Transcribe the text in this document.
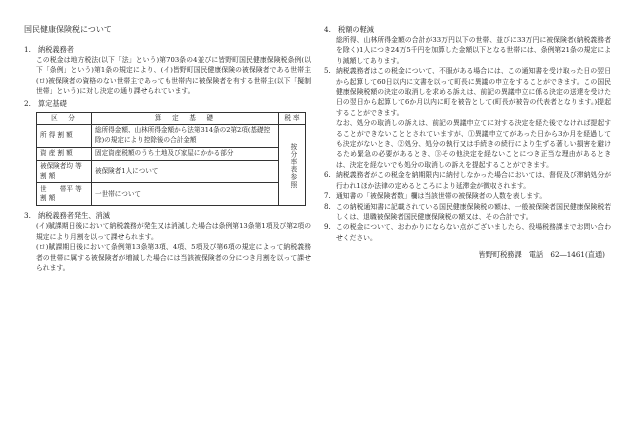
国民健康保険税について
1.　納税義務者
この税金は地方税法(以下「法」という)第703条の4並びに皆野町国民健康保険税条例(以下「条例」という)第1条の規定により、(イ)皆野町国民健康保険の被保険者である世帯主(ロ)被保険者の資格のない世帯主であっても世帯内に被保険者を有する世帯主(以下「擬制世帯」という)に対し決定の通り課せられています。
2.　算定基礎
区　分	算　定　基　礎	税 率
所 得 割 額	総所得金額、山林所得金額から法第314条の2第2項(基礎控除)の規定により控除後の合計金額	按分率表参照

資 産 割 額	固定資産税額のうち土地及び家屋にかかる部分	
被保険者均 等 割 額	被保険者1人について	
世　　帯平 等 割 額	一世帯について	
3.　納税義務者発生、消滅
(イ)賦課期日後において納税義務が発生又は消滅した場合は条例第13条第1項及び第2項の規定により月割を以って課せられます。
(ロ)賦課期日後において条例第13条第3項、4項、5項及び第6項の規定によって納税義務者の世帯に属する被保険者が増減した場合には当該被保険者の分につき月割を以って課せられます。
4.　税額の軽減
総所得、山林所得金額の合計が33万円以下の世帯、並びに33万円に被保険者(納税義務者を除く)1人につき24万5千円を加算した金額以下となる世帯には、条例第21条の規定により減額してあります。
5. 納税義務者はこの税金について、不服がある場合には、この通知書を受け取った日の翌日から起算して60日以内に文書を以って町長に異議の申立をすることができます。この国民健康保険税額の決定の取消しを求める訴えは、前記の異議申立に係る決定の送達を受けた日の翌日から起算して6か月以内に町を被告として(町長が被告の代表者となります。)提起することができます。
なお、処分の取消しの訴えは、前記の異議申立てに対する決定を経た後でなければ提起することができないこととされていますが、①異議申立てがあった日から3か月を経過しても決定がないとき、②処分、処分の執行又は手続きの続行により生ずる著しい損害を避けるため緊急の必要があるとき、③その他決定を経ないことにつき正当な理由があるときは、決定を経ないでも処分の取消しの訴えを提起することができます。
6. 納税義務者がこの税金を納期限内に納付しなかった場合においては、督促及び滞納処分が行われ1ほか法律の定めるところにより延滞金が徴収されます。
7. 通知書の「被保険者数」欄は当該世帯の被保険者の人数を表します。
8. この納税通知書に記載されている国民健康保険税の額は、一般被保険者国民健康保険税若しくは、退職被保険者国民健康保険税の額又は、その合計です。
9. この税金について、おわかりにならない点がございましたら、役場税務課までお問い合わせください。
皆野町税務課　電話　62―1461(直通)
